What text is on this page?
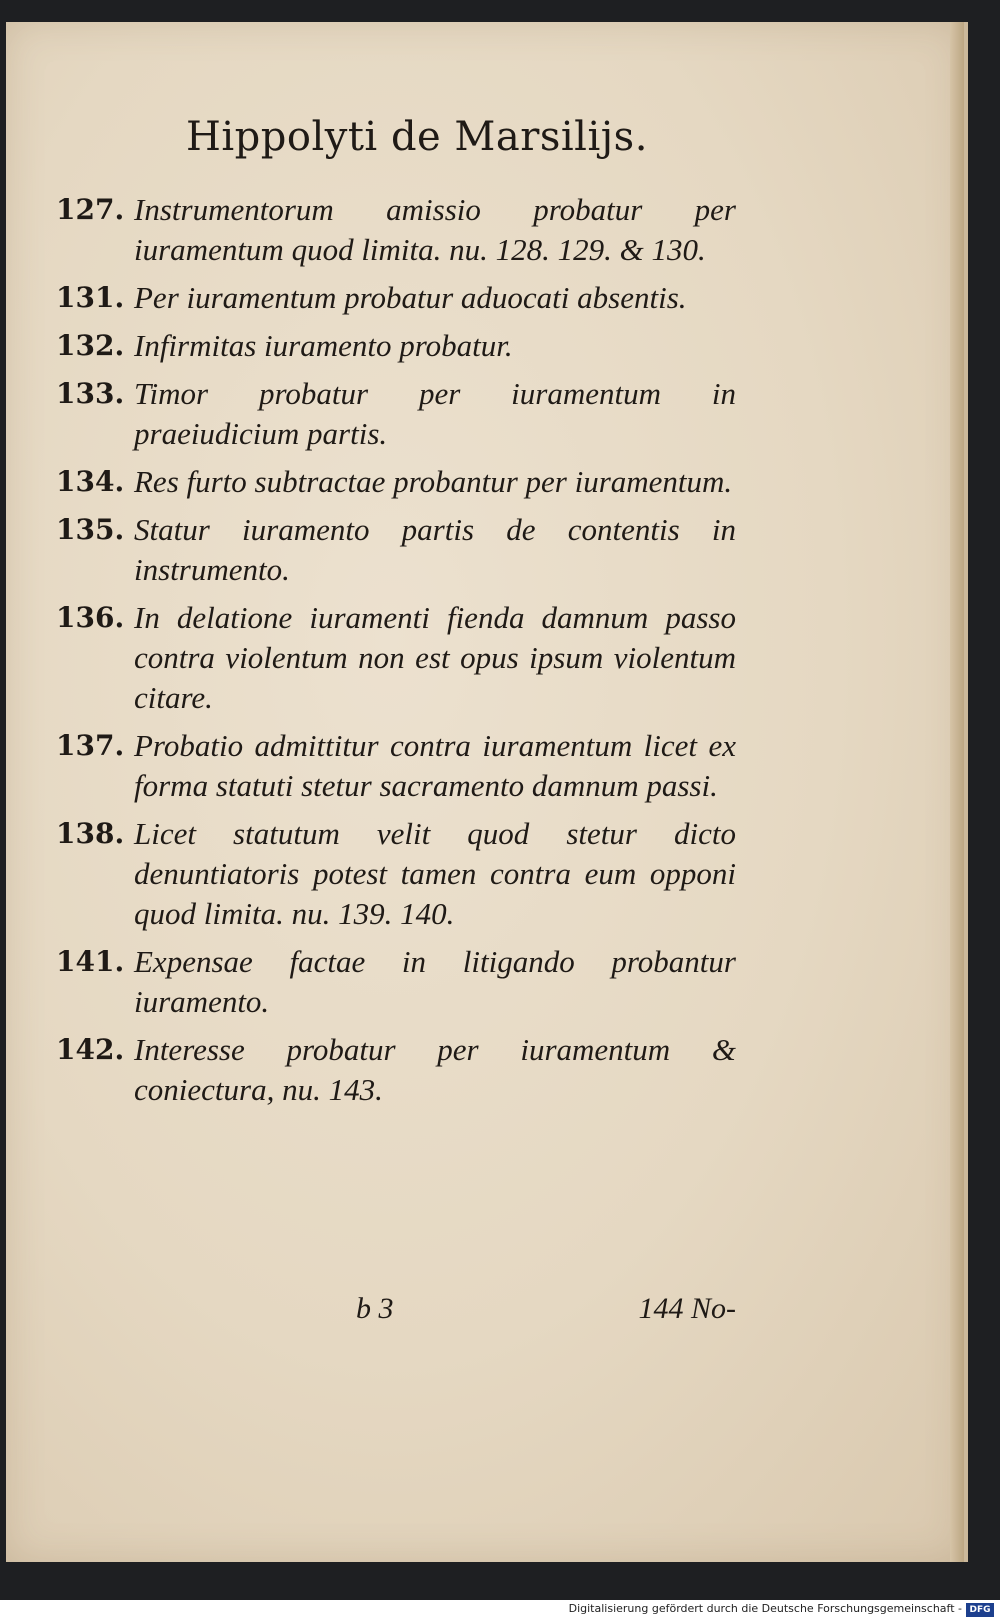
Hippolyti de Marsilijs.
127. Instrumentorum amissio probatur per iuramentum quod limita. nu. 128. 129. & 130.
131. Per iuramentum probatur aduocati absentis.
132. Infirmitas iuramento probatur.
133. Timor probatur per iuramentum in praeiudicium partis.
134. Res furto subtractae probantur per iuramentum.
135. Statur iuramento partis de contentis in instrumento.
136. In delatione iuramenti fienda damnum passo contra violentum non est opus ipsum violentum citare.
137. Probatio admittitur contra iuramentum licet ex forma statuti stetur sacramento damnum passi.
138. Licet statutum velit quod stetur dicto denuntiatoris potest tamen contra eum opponi quod limita. nu. 139. 140.
141. Expensae factae in litigando probantur iuramento.
142. Interesse probatur per iuramentum & coniectura, nu. 143.
b 3	144 No-
Digitalisierung gefördert durch die Deutsche Forschungsgemeinschaft - DFG
